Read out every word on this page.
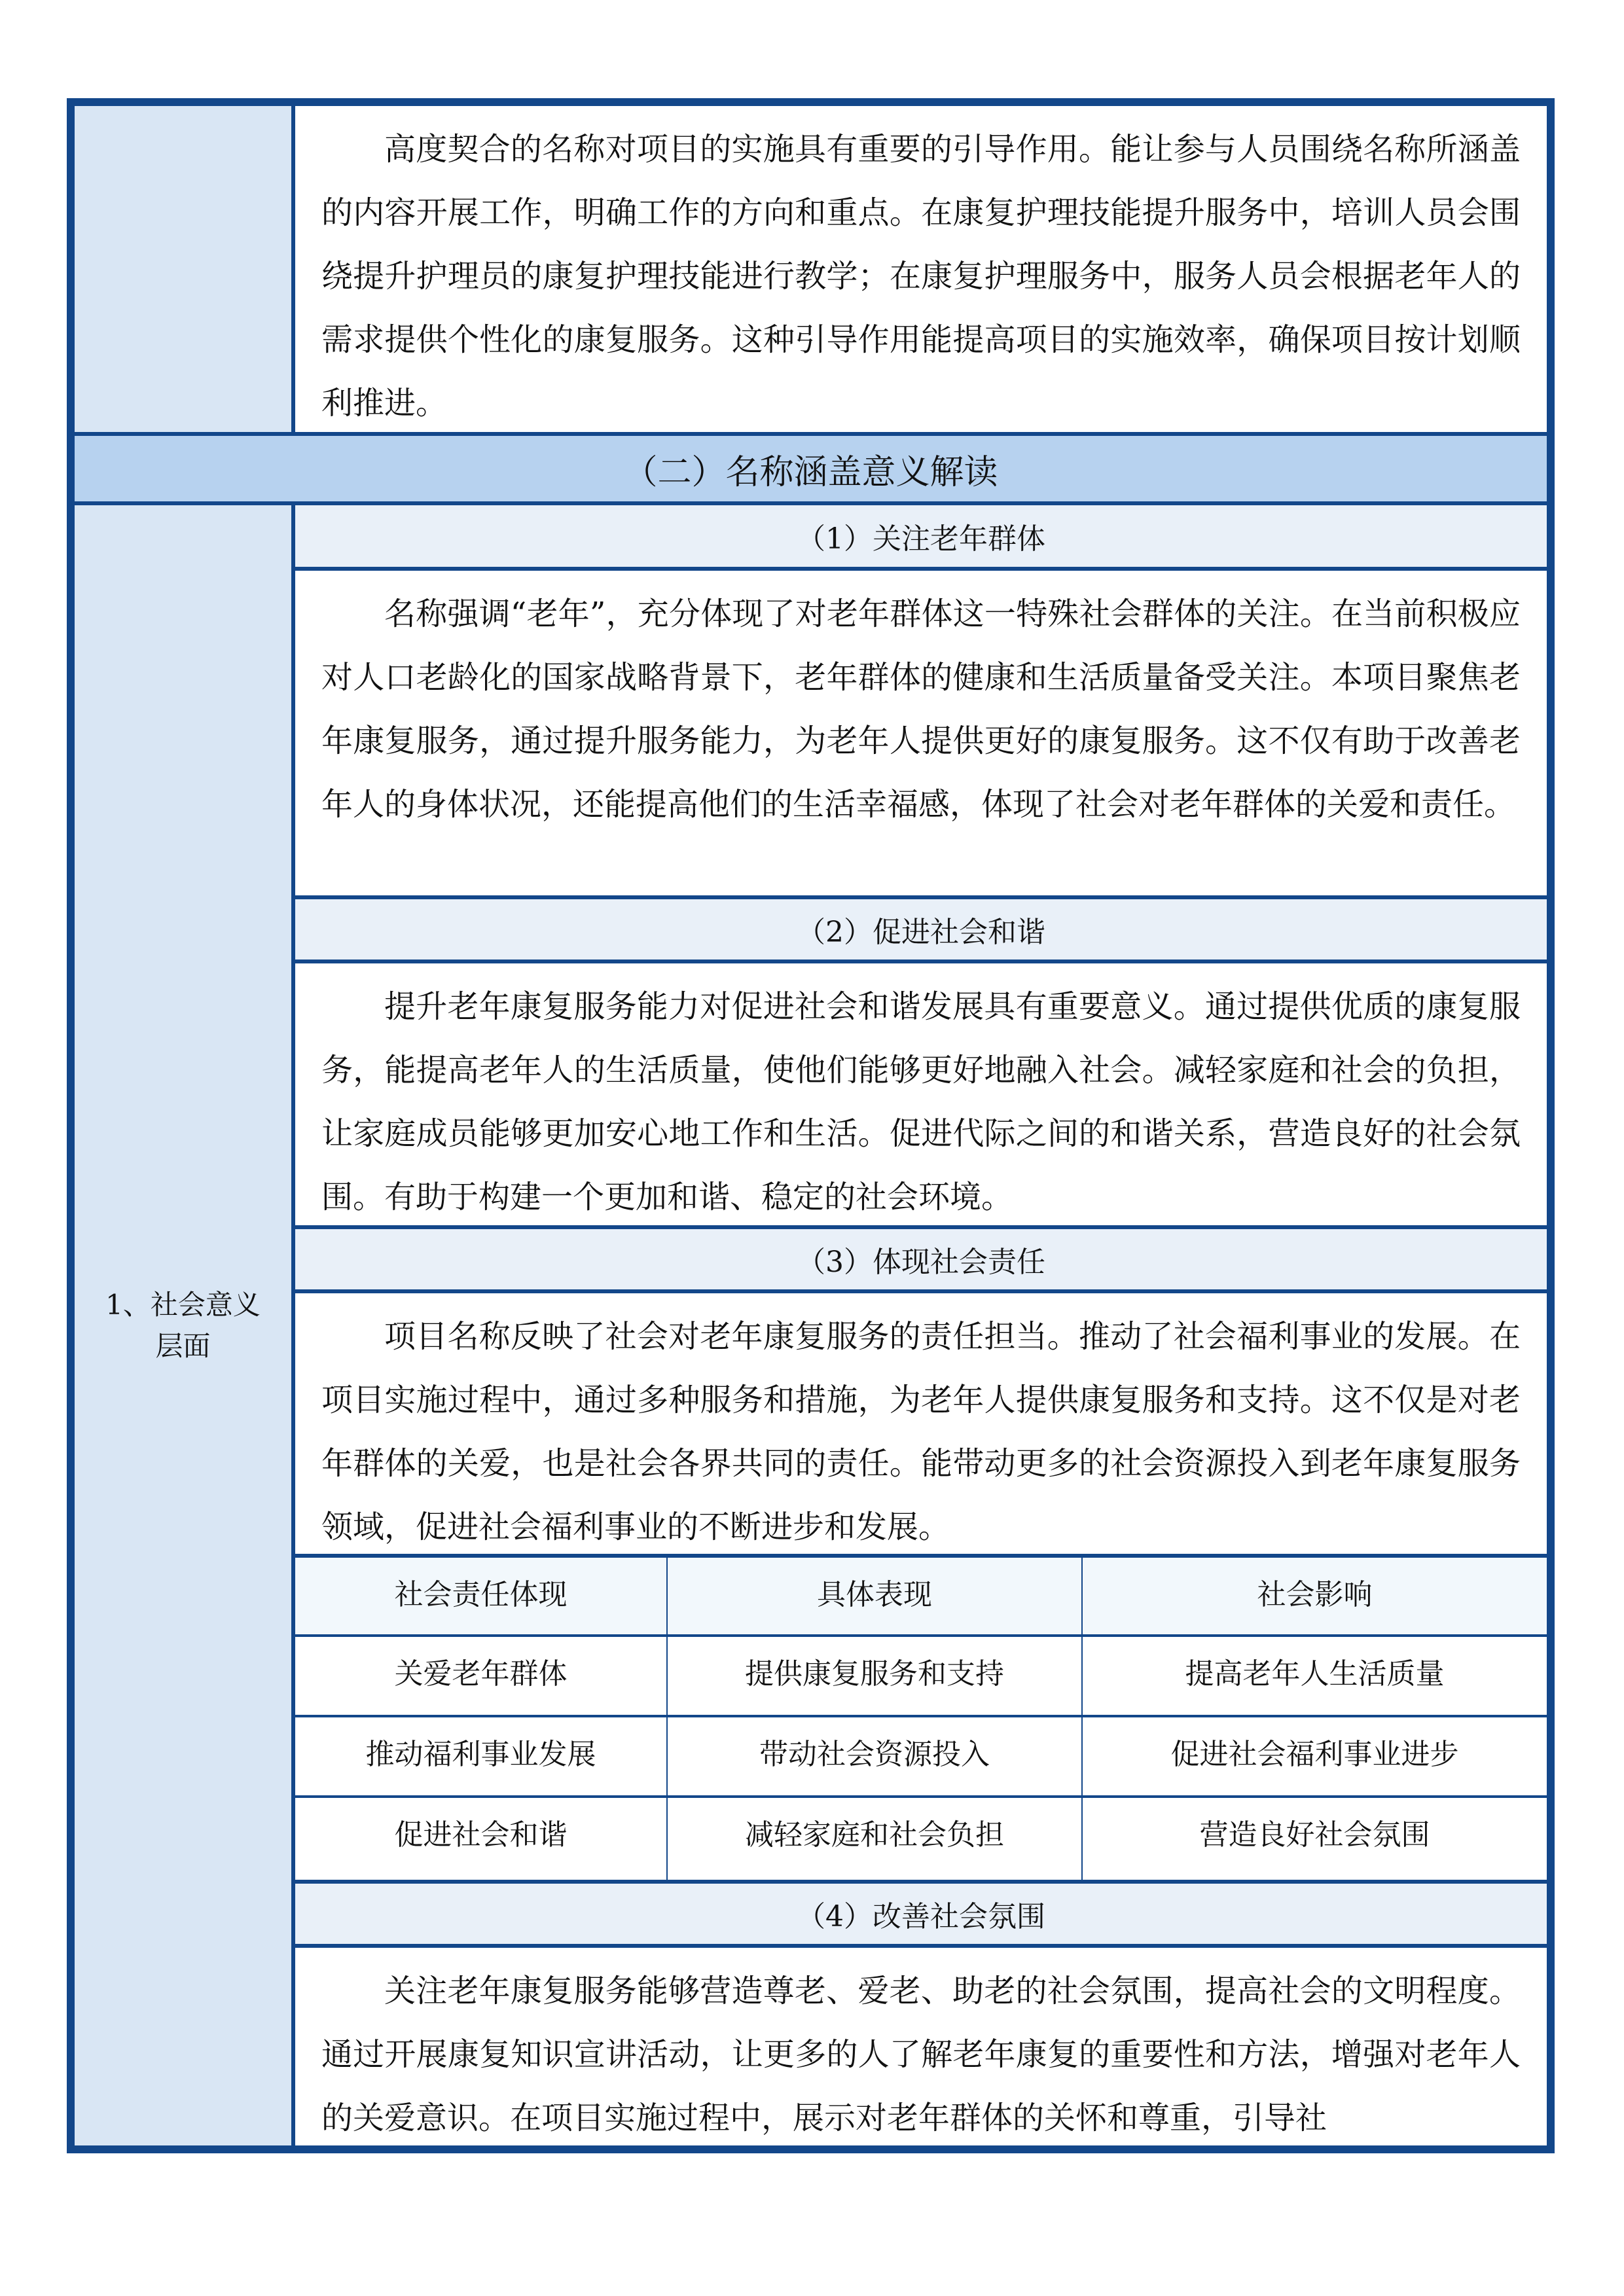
高度契合的名称对项目的实施具有重要的引导作用。能让参与人员围绕名称所涵盖的内容开展工作，明确工作的方向和重点。在康复护理技能提升服务中，培训人员会围绕提升护理员的康复护理技能进行教学；在康复护理服务中，服务人员会根据老年人的需求提供个性化的康复服务。这种引导作用能提高项目的实施效率，确保项目按计划顺利推进。
（二）名称涵盖意义解读
1、社会意义层面
（1）关注老年群体
名称强调“老年”，充分体现了对老年群体这一特殊社会群体的关注。在当前积极应对人口老龄化的国家战略背景下，老年群体的健康和生活质量备受关注。本项目聚焦老年康复服务，通过提升服务能力，为老年人提供更好的康复服务。这不仅有助于改善老年人的身体状况，还能提高他们的生活幸福感，体现了社会对老年群体的关爱和责任。
（2）促进社会和谐
提升老年康复服务能力对促进社会和谐发展具有重要意义。通过提供优质的康复服务，能提高老年人的生活质量，使他们能够更好地融入社会。减轻家庭和社会的负担，让家庭成员能够更加安心地工作和生活。促进代际之间的和谐关系，营造良好的社会氛围。有助于构建一个更加和谐、稳定的社会环境。
（3）体现社会责任
项目名称反映了社会对老年康复服务的责任担当。推动了社会福利事业的发展。在项目实施过程中，通过多种服务和措施，为老年人提供康复服务和支持。这不仅是对老年群体的关爱，也是社会各界共同的责任。能带动更多的社会资源投入到老年康复服务领域，促进社会福利事业的不断进步和发展。
社会责任体现	具体表现	社会影响
关爱老年群体	提供康复服务和支持	提高老年人生活质量
推动福利事业发展	带动社会资源投入	促进社会福利事业进步
促进社会和谐	减轻家庭和社会负担	营造良好社会氛围
（4）改善社会氛围
关注老年康复服务能够营造尊老、爱老、助老的社会氛围，提高社会的文明程度。通过开展康复知识宣讲活动，让更多的人了解老年康复的重要性和方法，增强对老年人的关爱意识。在项目实施过程中，展示对老年群体的关怀和尊重，引导社
